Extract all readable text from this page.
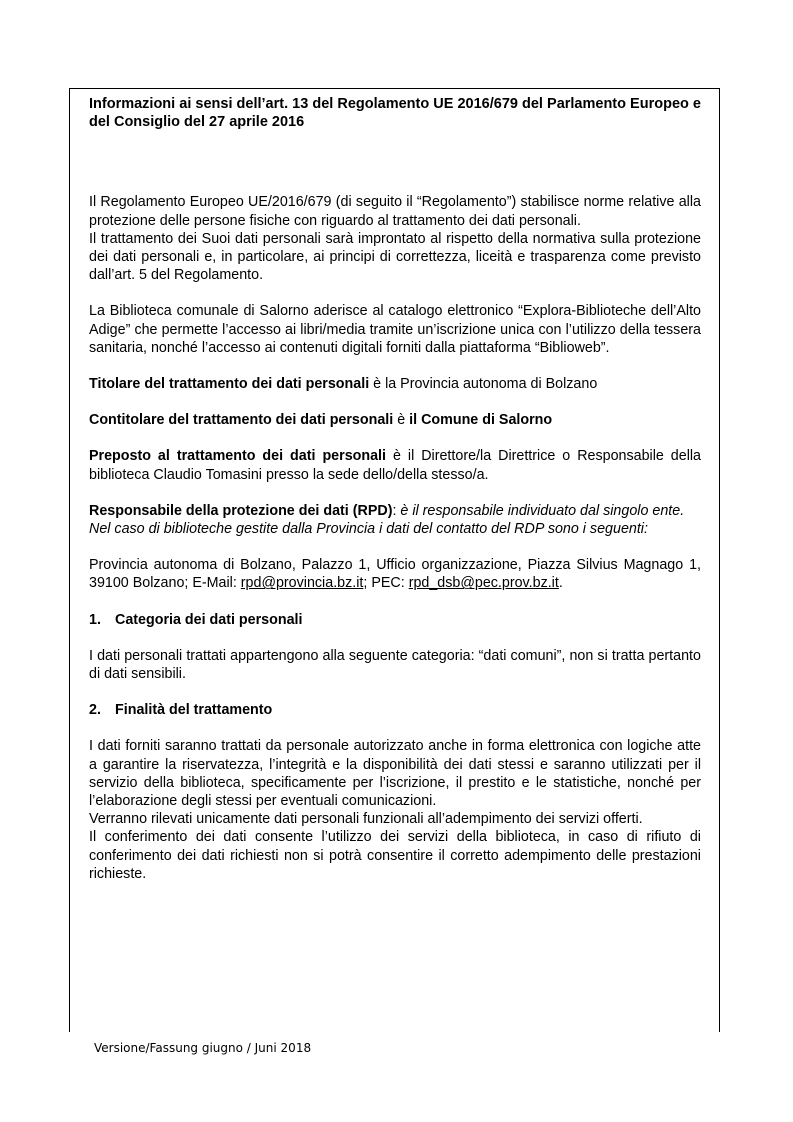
Informazioni ai sensi dell’art. 13 del Regolamento UE 2016/679 del Parlamento Europeo e del Consiglio del 27 aprile 2016

Il Regolamento Europeo UE/2016/679 (di seguito il “Regolamento”) stabilisce norme relative alla protezione delle persone fisiche con riguardo al trattamento dei dati personali.

Il trattamento dei Suoi dati personali sarà improntato al rispetto della normativa sulla protezione dei dati personali e, in particolare, ai principi di correttezza, liceità e trasparenza come previsto dall’art. 5 del Regolamento.

La Biblioteca comunale di Salorno aderisce al catalogo elettronico “Explora-Biblioteche dell’Alto Adige” che permette l’accesso ai libri/media tramite un’iscrizione unica con l’utilizzo della tessera sanitaria, nonché l’accesso ai contenuti digitali forniti dalla piattaforma “Biblioweb”.

Titolare del trattamento dei dati personali è la Provincia autonoma di Bolzano

Contitolare del trattamento dei dati personali è il Comune di Salorno

Preposto al trattamento dei dati personali è il Direttore/la Direttrice o Responsabile della biblioteca Claudio Tomasini presso la sede dello/della stesso/a.

Responsabile della protezione dei dati (RPD): è il responsabile individuato dal singolo ente.

Nel caso di biblioteche gestite dalla Provincia i dati del contatto del RDP sono i seguenti:

Provincia autonoma di Bolzano, Palazzo 1, Ufficio organizzazione, Piazza Silvius Magnago 1, 39100 Bolzano; E-Mail: rpd@provincia.bz.it; PEC: rpd_dsb@pec.prov.bz.it.

1. Categoria dei dati personali

I dati personali trattati appartengono alla seguente categoria: “dati comuni”, non si tratta pertanto di dati sensibili.

2. Finalità del trattamento

I dati forniti saranno trattati da personale autorizzato anche in forma elettronica con logiche atte a garantire la riservatezza, l’integrità e la disponibilità dei dati stessi e saranno utilizzati per il servizio della biblioteca, specificamente per l’iscrizione, il prestito e le statistiche, nonché per l’elaborazione degli stessi per eventuali comunicazioni.

Verranno rilevati unicamente dati personali funzionali all’adempimento dei servizi offerti.

Il conferimento dei dati consente l’utilizzo dei servizi della biblioteca, in caso di rifiuto di conferimento dei dati richiesti non si potrà consentire il corretto adempimento delle prestazioni richieste.

Versione/Fassung giugno / Juni 2018
